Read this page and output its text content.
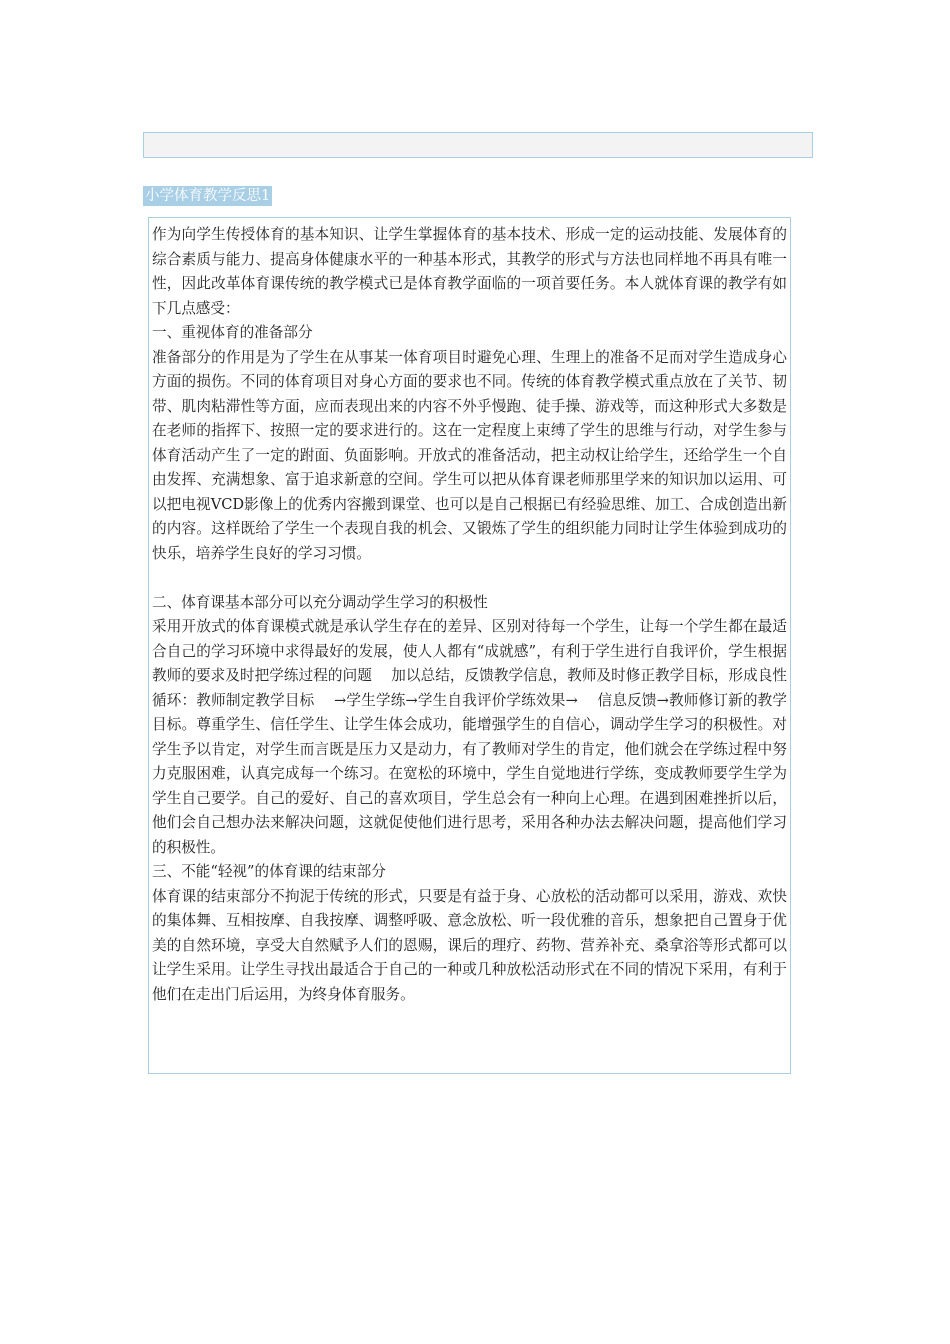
小学体育教学反思1

作为向学生传授体育的基本知识、让学生掌握体育的基本技术、形成一定的运动技能、发展体育的综合素质与能力、提高身体健康水平的一种基本形式，其教学的形式与方法也同样地不再具有唯一性，因此改革体育课传统的教学模式已是体育教学面临的一项首要任务。本人就体育课的教学有如下几点感受：

一、重视体育的准备部分

准备部分的作用是为了学生在从事某一体育项目时避免心理、生理上的准备不足而对学生造成身心方面的损伤。不同的体育项目对身心方面的要求也不同。传统的体育教学模式重点放在了关节、韧带、肌肉粘滞性等方面，应而表现出来的内容不外乎慢跑、徒手操、游戏等，而这种形式大多数是在老师的指挥下、按照一定的要求进行的。这在一定程度上束缚了学生的思维与行动，对学生参与体育活动产生了一定的跗面、负面影响。开放式的准备活动，把主动权让给学生，还给学生一个自由发挥、充满想象、富于追求新意的空间。学生可以把从体育课老师那里学来的知识加以运用、可以把电视VCD影像上的优秀内容搬到课堂、也可以是自己根据已有经验思维、加工、合成创造出新的内容。这样既给了学生一个表现自我的机会、又锻炼了学生的组织能力同时让学生体验到成功的快乐，培养学生良好的学习习惯。

二、体育课基本部分可以充分调动学生学习的积极性

采用开放式的体育课模式就是承认学生存在的差异、区别对待每一个学生，让每一个学生都在最适合自己的学习环境中求得最好的发展，使人人都有“成就感”，有利于学生进行自我评价，学生根据教师的要求及时把学练过程的问题　 加以总结，反馈教学信息，教师及时修正教学目标，形成良性循环：教师制定教学目标　 →学生学练→学生自我评价学练效果→　 信息反馈→教师修订新的教学目标。尊重学生、信任学生、让学生体会成功，能增强学生的自信心，调动学生学习的积极性。对学生予以肯定，对学生而言既是压力又是动力，有了教师对学生的肯定，他们就会在学练过程中努力克服困难，认真完成每一个练习。在宽松的环境中，学生自觉地进行学练，变成教师要学生学为学生自己要学。自己的爱好、自己的喜欢项目，学生总会有一种向上心理。在遇到困难挫折以后，他们会自己想办法来解决问题，这就促使他们进行思考，采用各种办法去解决问题，提高他们学习的积极性。

三、不能“轻视”的体育课的结束部分

体育课的结束部分不拘泥于传统的形式，只要是有益于身、心放松的活动都可以采用，游戏、欢快的集体舞、互相按摩、自我按摩、调整呼吸、意念放松、听一段优雅的音乐，想象把自己置身于优美的自然环境，享受大自然赋予人们的恩赐，课后的理疗、药物、营养补充、桑拿浴等形式都可以让学生采用。让学生寻找出最适合于自己的一种或几种放松活动形式在不同的情况下采用，有利于他们在走出门后运用，为终身体育服务。
